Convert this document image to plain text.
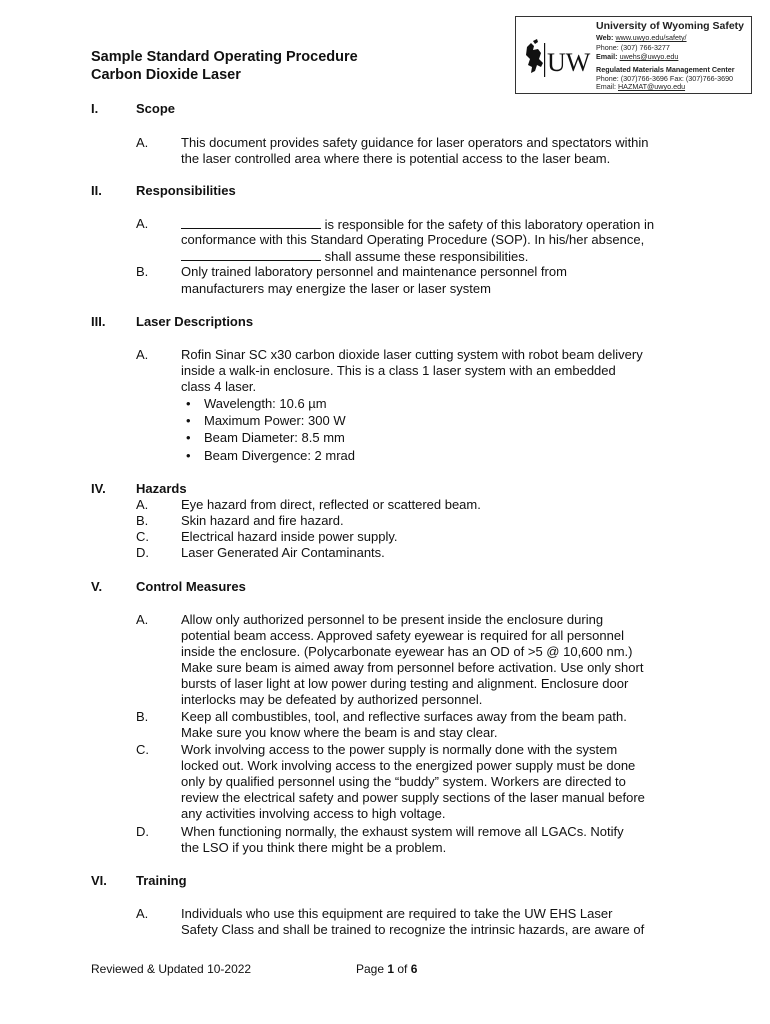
UW
University of Wyoming Safety
Web: www.uwyo.edu/safety/
Phone: (307) 766-3277
Email: uwehs@uwyo.edu
Regulated Materials Management Center
Phone: (307)766-3696 Fax: (307)766-3690
Email: HAZMAT@uwyo.edu
Sample Standard Operating Procedure
Carbon Dioxide Laser
I.	Scope
A.	This document provides safety guidance for laser operators and spectators within
the laser controlled area where there is potential access to the laser beam.
II.	Responsibilities
A.	is responsible for the safety of this laboratory operation in
conformance with this Standard Operating Procedure (SOP). In his/her absence,
shall assume these responsibilities.
B.	Only trained laboratory personnel and maintenance personnel from
manufacturers may energize the laser or laser system
III. Laser Descriptions
A.	Rofin Sinar SC x30 carbon dioxide laser cutting system with robot beam delivery
inside a walk-in enclosure. This is a class 1 laser system with an embedded
class 4 laser.
• Wavelength: 10.6 µm
• Maximum Power: 300 W
• Beam Diameter: 8.5 mm
• Beam Divergence: 2 mrad
IV. Hazards
A.	Eye hazard from direct, reflected or scattered beam.
B.	Skin hazard and fire hazard.
C. Electrical hazard inside power supply.
D. Laser Generated Air Contaminants.
V.	Control Measures
A.	Allow only authorized personnel to be present inside the enclosure during
potential beam access. Approved safety eyewear is required for all personnel
inside the enclosure. (Polycarbonate eyewear has an OD of >5 @ 10,600 nm.)
Make sure beam is aimed away from personnel before activation. Use only short
bursts of laser light at low power during testing and alignment. Enclosure door
interlocks may be defeated by authorized personnel.
B.	Keep all combustibles, tool, and reflective surfaces away from the beam path.
Make sure you know where the beam is and stay clear.
C. Work involving access to the power supply is normally done with the system
locked out. Work involving access to the energized power supply must be done
only by qualified personnel using the “buddy” system. Workers are directed to
review the electrical safety and power supply sections of the laser manual before
any activities involving access to high voltage.
D. When functioning normally, the exhaust system will remove all LGACs. Notify
the LSO if you think there might be a problem.
VI. Training
A.	Individuals who use this equipment are required to take the UW EHS Laser
Safety Class and shall be trained to recognize the intrinsic hazards, are aware of
Reviewed & Updated 10-2022	Page 1 of 6
